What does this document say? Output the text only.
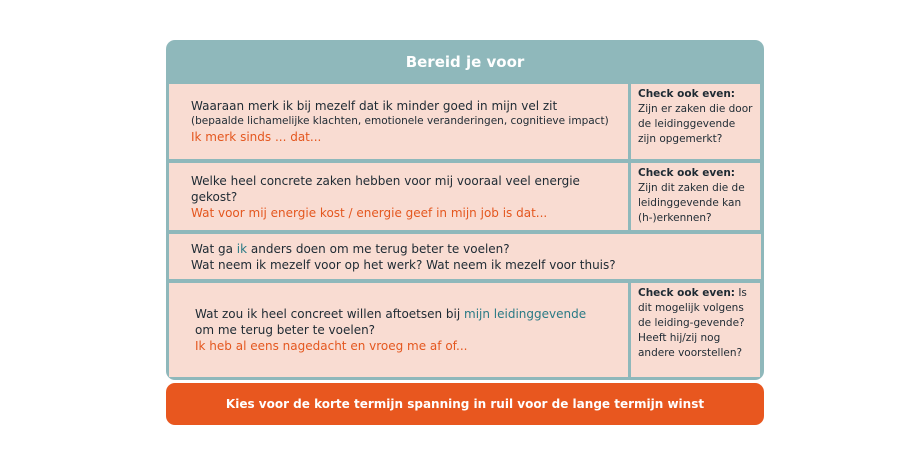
Bereid je voor
Waaraan merk ik bij mezelf dat ik minder goed in mijn vel zit
(bepaalde lichamelijke klachten, emotionele veranderingen, cognitieve impact)
Ik merk sinds ... dat...
Check ook even: Zijn er zaken die door de leidinggevende zijn opgemerkt?
Welke heel concrete zaken hebben voor mij vooraal veel energie gekost?
Wat voor mij energie kost / energie geef in mijn job is dat...
Check ook even: Zijn dit zaken die de leidinggevende kan (h-)erkennen?
Wat ga ik anders doen om me terug beter te voelen?
Wat neem ik mezelf voor op het werk? Wat neem ik mezelf voor thuis?
Wat zou ik heel concreet willen aftoetsen bij mijn leidinggevende
om me terug beter te voelen?
Ik heb al eens nagedacht en vroeg me af of...
Check ook even: Is dit mogelijk volgens de leiding-gevende? Heeft hij/zij nog andere voorstellen?
Kies voor de korte termijn spanning in ruil voor de lange termijn winst
